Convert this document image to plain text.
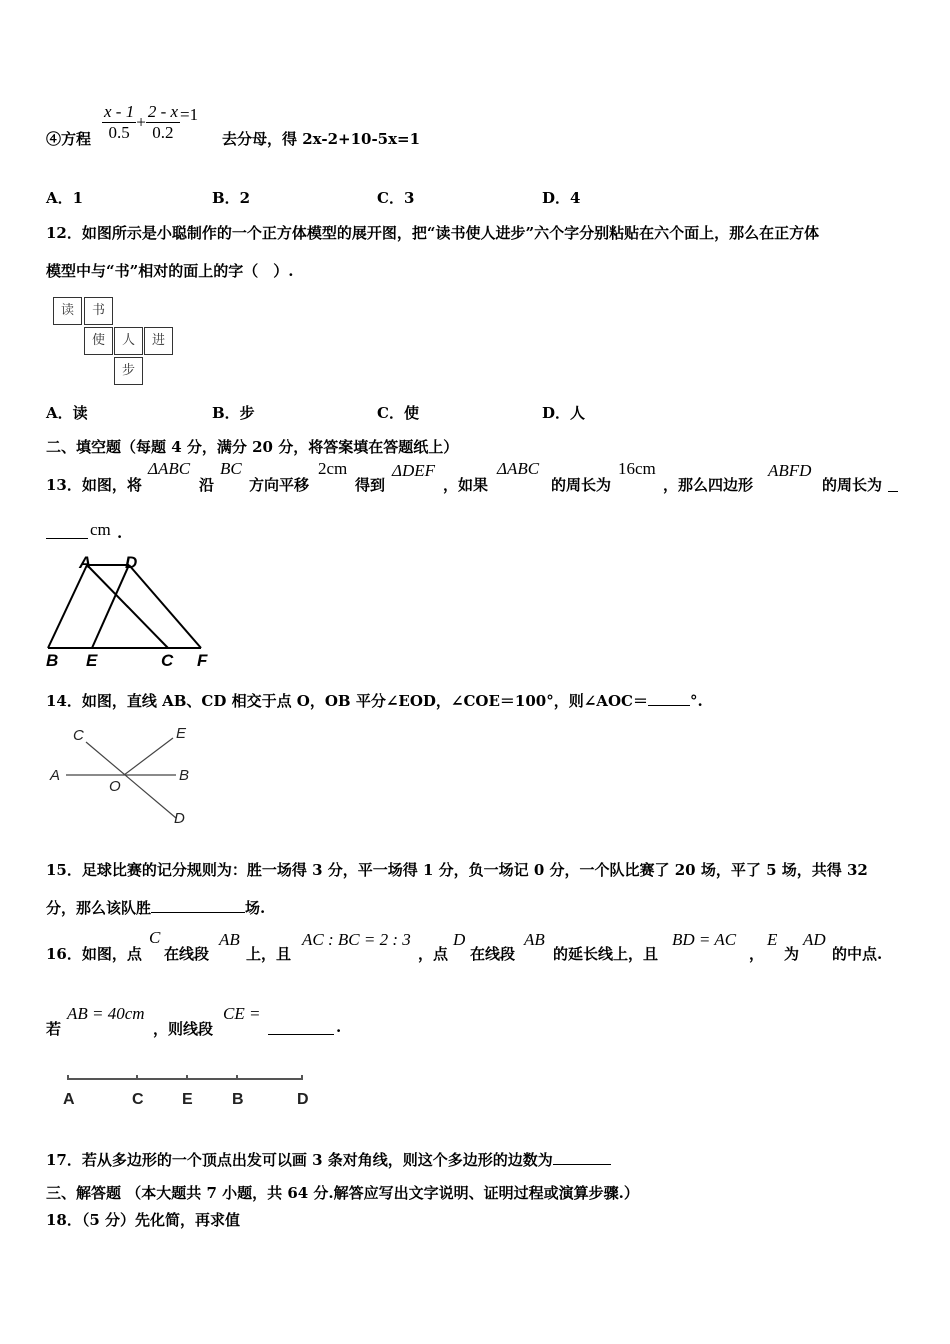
④方程 $\frac{x - 1}{0.5} + \frac{2 - x}{0.2} =1$
去分母，得 2x-2+10-5x=1
A．1	B．2	C．3	D．4
12．如图所示是小聪制作的一个正方体模型的展开图，把“读书使人进步”六个字分别粘贴在六个面上，那么在正方体
模型中与“书”相对的面上的字（　）.
读	书
使	人	进
步
A．读	B．步	C．使	D．人
二、填空题（每题 4 分，满分 20 分，将答案填在答题纸上）
13．如图，将
ΔABC
沿
BC
方向平移
2cm
得到
ΔDEF
，如果
ΔABC
的周长为
16cm
，那么四边形
ABFD
的周长为
cm .
A D
B E	C F
14．如图，直线 AB、CD 相交于点 O，OB 平分∠EOD，∠COE＝100°，则∠AOC＝	°.
C	E
A
O
B
D
15．足球比赛的记分规则为：胜一场得 3 分，平一场得 1 分，负一场记 0 分，一个队比赛了 20 场，平了 5 场，共得 32
分，那么该队胜	场.
16．如图，点
C
在线段
AB
上，且
AC : BC = 2 : 3
，点
D
在线段
AB
的延长线上，且
BD = AC
，
E
为
AD
的中点.
若
AB = 40cm
，则线段
CE =
.
A	C E B	D
17．若从多边形的一个顶点出发可以画 3 条对角线，则这个多边形的边数为
三、解答题 （本大题共 7 小题，共 64 分.解答应写出文字说明、证明过程或演算步骤.）
18．（5 分）先化简，再求值
